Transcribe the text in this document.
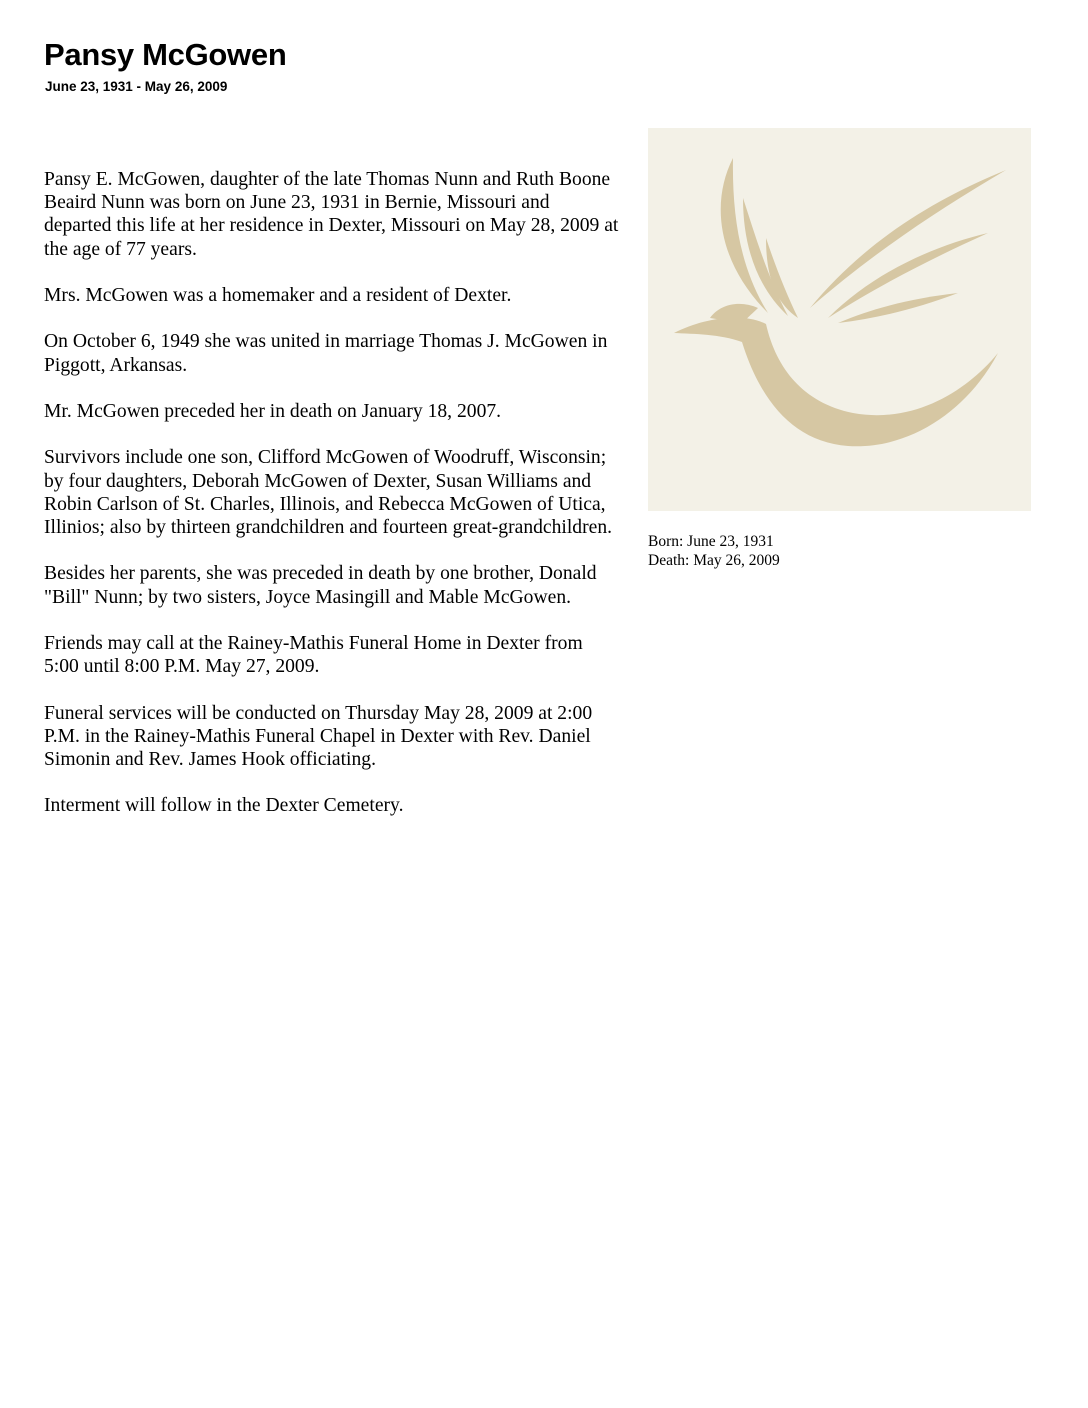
Pansy McGowen
June 23, 1931 - May 26, 2009

Pansy E. McGowen, daughter of the late Thomas Nunn and Ruth Boone Beaird Nunn was born on June 23, 1931 in Bernie, Missouri and departed this life at her residence in Dexter, Missouri on May 28, 2009 at the age of 77 years.

Mrs. McGowen was a homemaker and a resident of Dexter.

On October 6, 1949 she was united in marriage Thomas J. McGowen in Piggott, Arkansas.

Mr. McGowen preceded her in death on January 18, 2007.

Survivors include one son, Clifford McGowen of Woodruff, Wisconsin; by four daughters, Deborah McGowen of Dexter, Susan Williams and Robin Carlson of St. Charles, Illinois, and Rebecca McGowen of Utica, Illinios; also by thirteen grandchildren and fourteen great-grandchildren.

Besides her parents, she was preceded in death by one brother, Donald "Bill" Nunn; by two sisters, Joyce Masingill and Mable McGowen.

Friends may call at the Rainey-Mathis Funeral Home in Dexter from 5:00 until 8:00 P.M. May 27, 2009.

Funeral services will be conducted on Thursday May 28, 2009 at 2:00 P.M. in the Rainey-Mathis Funeral Chapel in Dexter with Rev. Daniel Simonin and Rev. James Hook officiating.

Interment will follow in the Dexter Cemetery.

Born: June 23, 1931
Death: May 26, 2009
